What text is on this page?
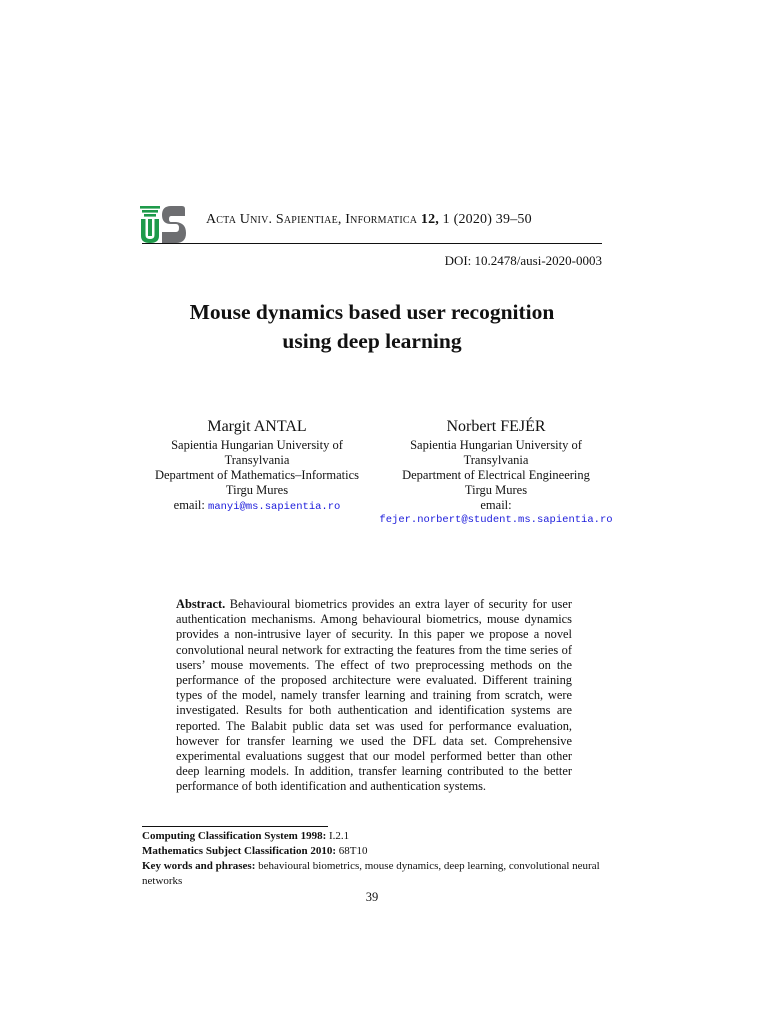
Acta Univ. Sapientiae, Informatica 12, 1 (2020) 39–50
DOI: 10.2478/ausi-2020-0003
Mouse dynamics based user recognition
using deep learning
Margit ANTAL
Sapientia Hungarian University of
Transylvania
Department of Mathematics–Informatics
Tirgu Mures
email: manyi@ms.sapientia.ro
Norbert FEJÉR
Sapientia Hungarian University of
Transylvania
Department of Electrical Engineering
Tirgu Mures
email:
fejer.norbert@student.ms.sapientia.ro
Abstract. Behavioural biometrics provides an extra layer of security for user authentication mechanisms. Among behavioural biometrics, mouse dynamics provides a non-intrusive layer of security. In this paper we propose a novel convolutional neural network for extracting the features from the time series of users’ mouse movements. The effect of two preprocessing methods on the performance of the proposed architecture were evaluated. Different training types of the model, namely transfer learning and training from scratch, were investigated. Results for both authentication and identification systems are reported. The Balabit public data set was used for performance evaluation, however for transfer learning we used the DFL data set. Comprehensive experimental evaluations suggest that our model performed better than other deep learning models. In addition, transfer learning contributed to the better performance of both identification and authentication systems.
Computing Classification System 1998: I.2.1
Mathematics Subject Classification 2010: 68T10
Key words and phrases: behavioural biometrics, mouse dynamics, deep learning, convolutional neural networks
39
